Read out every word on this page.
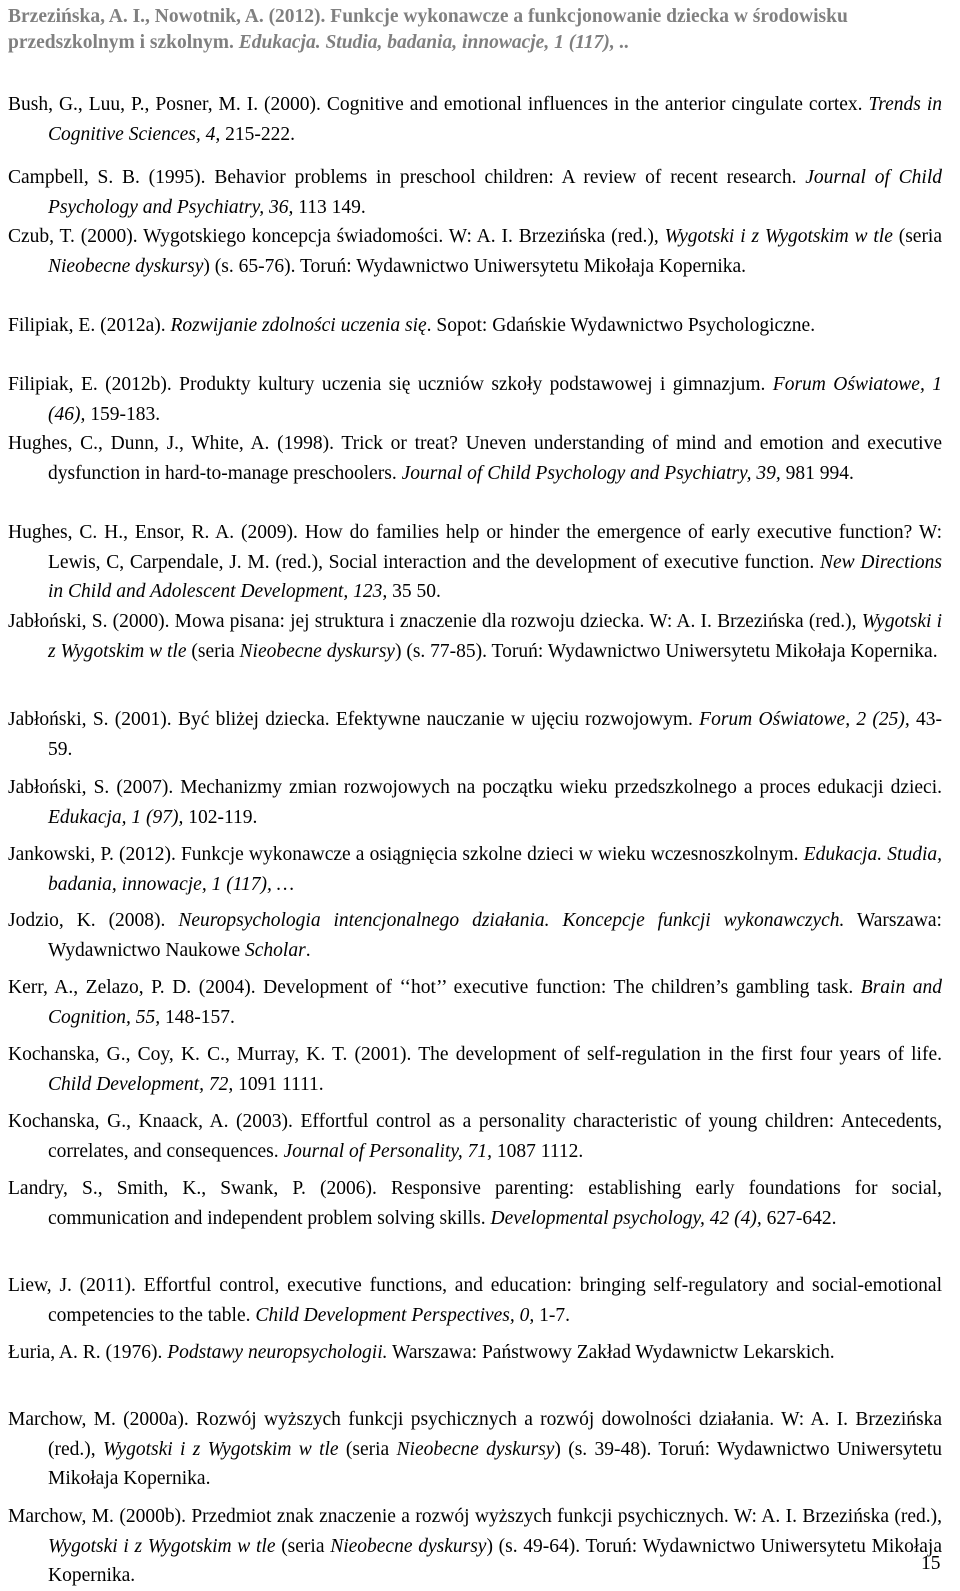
Brzezińska, A. I., Nowotnik, A. (2012). Funkcje wykonawcze a funkcjonowanie dziecka w środowisku
przedszkolnym i szkolnym. Edukacja. Studia, badania, innowacje, 1 (117), ..
Bush, G., Luu, P., Posner, M. I. (2000). Cognitive and emotional influences in the anterior cingulate cortex. Trends in Cognitive Sciences, 4, 215-222.
Campbell, S. B. (1995). Behavior problems in preschool children: A review of recent research. Journal of Child Psychology and Psychiatry, 36, 113 149.
Czub, T. (2000). Wygotskiego koncepcja świadomości. W: A. I. Brzezińska (red.), Wygotski i z Wygotskim w tle (seria Nieobecne dyskursy) (s. 65-76). Toruń: Wydawnictwo Uniwersytetu Mikołaja Kopernika.
Filipiak, E. (2012a). Rozwijanie zdolności uczenia się. Sopot: Gdańskie Wydawnictwo Psychologiczne.
Filipiak, E. (2012b). Produkty kultury uczenia się uczniów szkoły podstawowej i gimnazjum. Forum Oświatowe, 1 (46), 159-183.
Hughes, C., Dunn, J., White, A. (1998). Trick or treat? Uneven understanding of mind and emotion and executive dysfunction in hard-to-manage preschoolers. Journal of Child Psychology and Psychiatry, 39, 981 994.
Hughes, C. H., Ensor, R. A. (2009). How do families help or hinder the emergence of early executive function? W: Lewis, C, Carpendale, J. M. (red.), Social interaction and the development of executive function. New Directions in Child and Adolescent Development, 123, 35 50.
Jabłoński, S. (2000). Mowa pisana: jej struktura i znaczenie dla rozwoju dziecka. W: A. I. Brzezińska (red.), Wygotski i z Wygotskim w tle (seria Nieobecne dyskursy) (s. 77-85). Toruń: Wydawnictwo Uniwersytetu Mikołaja Kopernika.
Jabłoński, S. (2001). Być bliżej dziecka. Efektywne nauczanie w ujęciu rozwojowym. Forum Oświatowe, 2 (25), 43-59.
Jabłoński, S. (2007). Mechanizmy zmian rozwojowych na początku wieku przedszkolnego a proces edukacji dzieci. Edukacja, 1 (97), 102-119.
Jankowski, P. (2012). Funkcje wykonawcze a osiągnięcia szkolne dzieci w wieku wczesnoszkolnym. Edukacja. Studia, badania, innowacje, 1 (117), …
Jodzio, K. (2008). Neuropsychologia intencjonalnego działania. Koncepcje funkcji wykonawczych. Warszawa: Wydawnictwo Naukowe Scholar.
Kerr, A., Zelazo, P. D. (2004). Development of ‘‘hot’’ executive function: The children’s gambling task. Brain and Cognition, 55, 148-157.
Kochanska, G., Coy, K. C., Murray, K. T. (2001). The development of self-regulation in the first four years of life. Child Development, 72, 1091 1111.
Kochanska, G., Knaack, A. (2003). Effortful control as a personality characteristic of young children: Antecedents, correlates, and consequences. Journal of Personality, 71, 1087 1112.
Landry, S., Smith, K., Swank, P. (2006). Responsive parenting: establishing early foundations for social, communication and independent problem solving skills. Developmental psychology, 42 (4), 627-642.
Liew, J. (2011). Effortful control, executive functions, and education: bringing self-regulatory and social-emotional competencies to the table. Child Development Perspectives, 0, 1-7.
Łuria, A. R. (1976). Podstawy neuropsychologii. Warszawa: Państwowy Zakład Wydawnictw Lekarskich.
Marchow, M. (2000a). Rozwój wyższych funkcji psychicznych a rozwój dowolności działania. W: A. I. Brzezińska (red.), Wygotski i z Wygotskim w tle (seria Nieobecne dyskursy) (s. 39-48). Toruń: Wydawnictwo Uniwersytetu Mikołaja Kopernika.
Marchow, M. (2000b). Przedmiot znak znaczenie a rozwój wyższych funkcji psychicznych. W: A. I. Brzezińska (red.), Wygotski i z Wygotskim w tle (seria Nieobecne dyskursy) (s. 49-64). Toruń: Wydawnictwo Uniwersytetu Mikołaja Kopernika.
15
